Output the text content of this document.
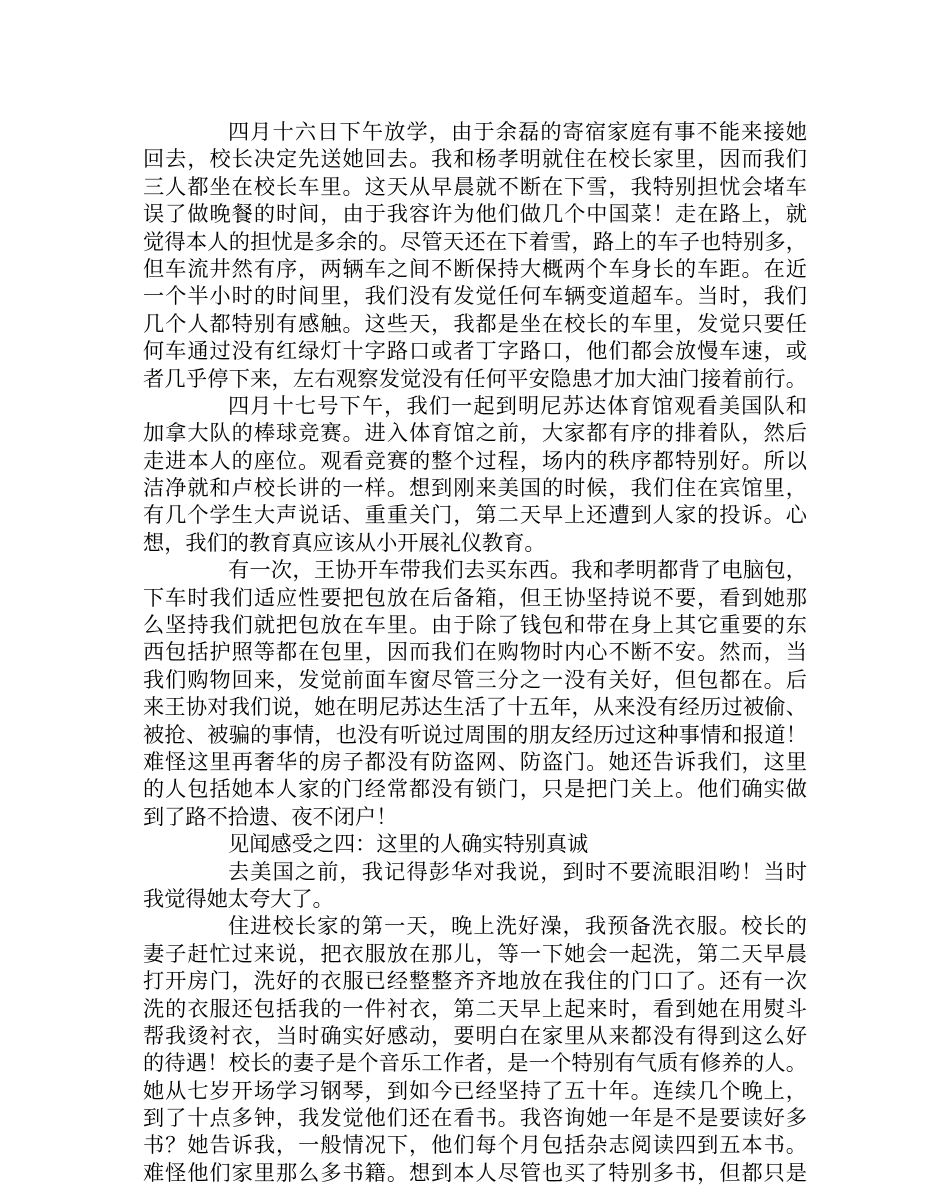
四月十六日下午放学，由于余磊的寄宿家庭有事不能来接她
回去，校长决定先送她回去。我和杨孝明就住在校长家里，因而我们
三人都坐在校长车里。这天从早晨就不断在下雪，我特别担忧会堵车
误了做晚餐的时间，由于我容许为他们做几个中国菜！走在路上，就
觉得本人的担忧是多余的。尽管天还在下着雪，路上的车子也特别多，
但车流井然有序，两辆车之间不断保持大概两个车身长的车距。在近
一个半小时的时间里，我们没有发觉任何车辆变道超车。当时，我们
几个人都特别有感触。这些天，我都是坐在校长的车里，发觉只要任
何车通过没有红绿灯十字路口或者丁字路口，他们都会放慢车速，或
者几乎停下来，左右观察发觉没有任何平安隐患才加大油门接着前行。
四月十七号下午，我们一起到明尼苏达体育馆观看美国队和
加拿大队的棒球竞赛。进入体育馆之前，大家都有序的排着队，然后
走进本人的座位。观看竞赛的整个过程，场内的秩序都特别好。所以
洁净就和卢校长讲的一样。想到刚来美国的时候，我们住在宾馆里，
有几个学生大声说话、重重关门，第二天早上还遭到人家的投诉。心
想，我们的教育真应该从小开展礼仪教育。
有一次，王协开车带我们去买东西。我和孝明都背了电脑包，
下车时我们适应性要把包放在后备箱，但王协坚持说不要，看到她那
么坚持我们就把包放在车里。由于除了钱包和带在身上其它重要的东
西包括护照等都在包里，因而我们在购物时内心不断不安。然而，当
我们购物回来，发觉前面车窗尽管三分之一没有关好，但包都在。后
来王协对我们说，她在明尼苏达生活了十五年，从来没有经历过被偷、
被抢、被骗的事情，也没有听说过周围的朋友经历过这种事情和报道！
难怪这里再奢华的房子都没有防盗网、防盗门。她还告诉我们，这里
的人包括她本人家的门经常都没有锁门，只是把门关上。他们确实做
到了路不拾遗、夜不闭户！
见闻感受之四：这里的人确实特别真诚
去美国之前，我记得彭华对我说，到时不要流眼泪哟！当时
我觉得她太夸大了。
住进校长家的第一天，晚上洗好澡，我预备洗衣服。校长的
妻子赶忙过来说，把衣服放在那儿，等一下她会一起洗，第二天早晨
打开房门，洗好的衣服已经整整齐齐地放在我住的门口了。还有一次
洗的衣服还包括我的一件衬衣，第二天早上起来时，看到她在用熨斗
帮我烫衬衣，当时确实好感动，要明白在家里从来都没有得到这么好
的待遇！校长的妻子是个音乐工作者，是一个特别有气质有修养的人。
她从七岁开场学习钢琴，到如今已经坚持了五十年。连续几个晚上，
到了十点多钟，我发觉他们还在看书。我咨询她一年是不是要读好多
书？她告诉我，一般情况下，他们每个月包括杂志阅读四到五本书。
难怪他们家里那么多书籍。想到本人尽管也买了特别多书，但都只是
